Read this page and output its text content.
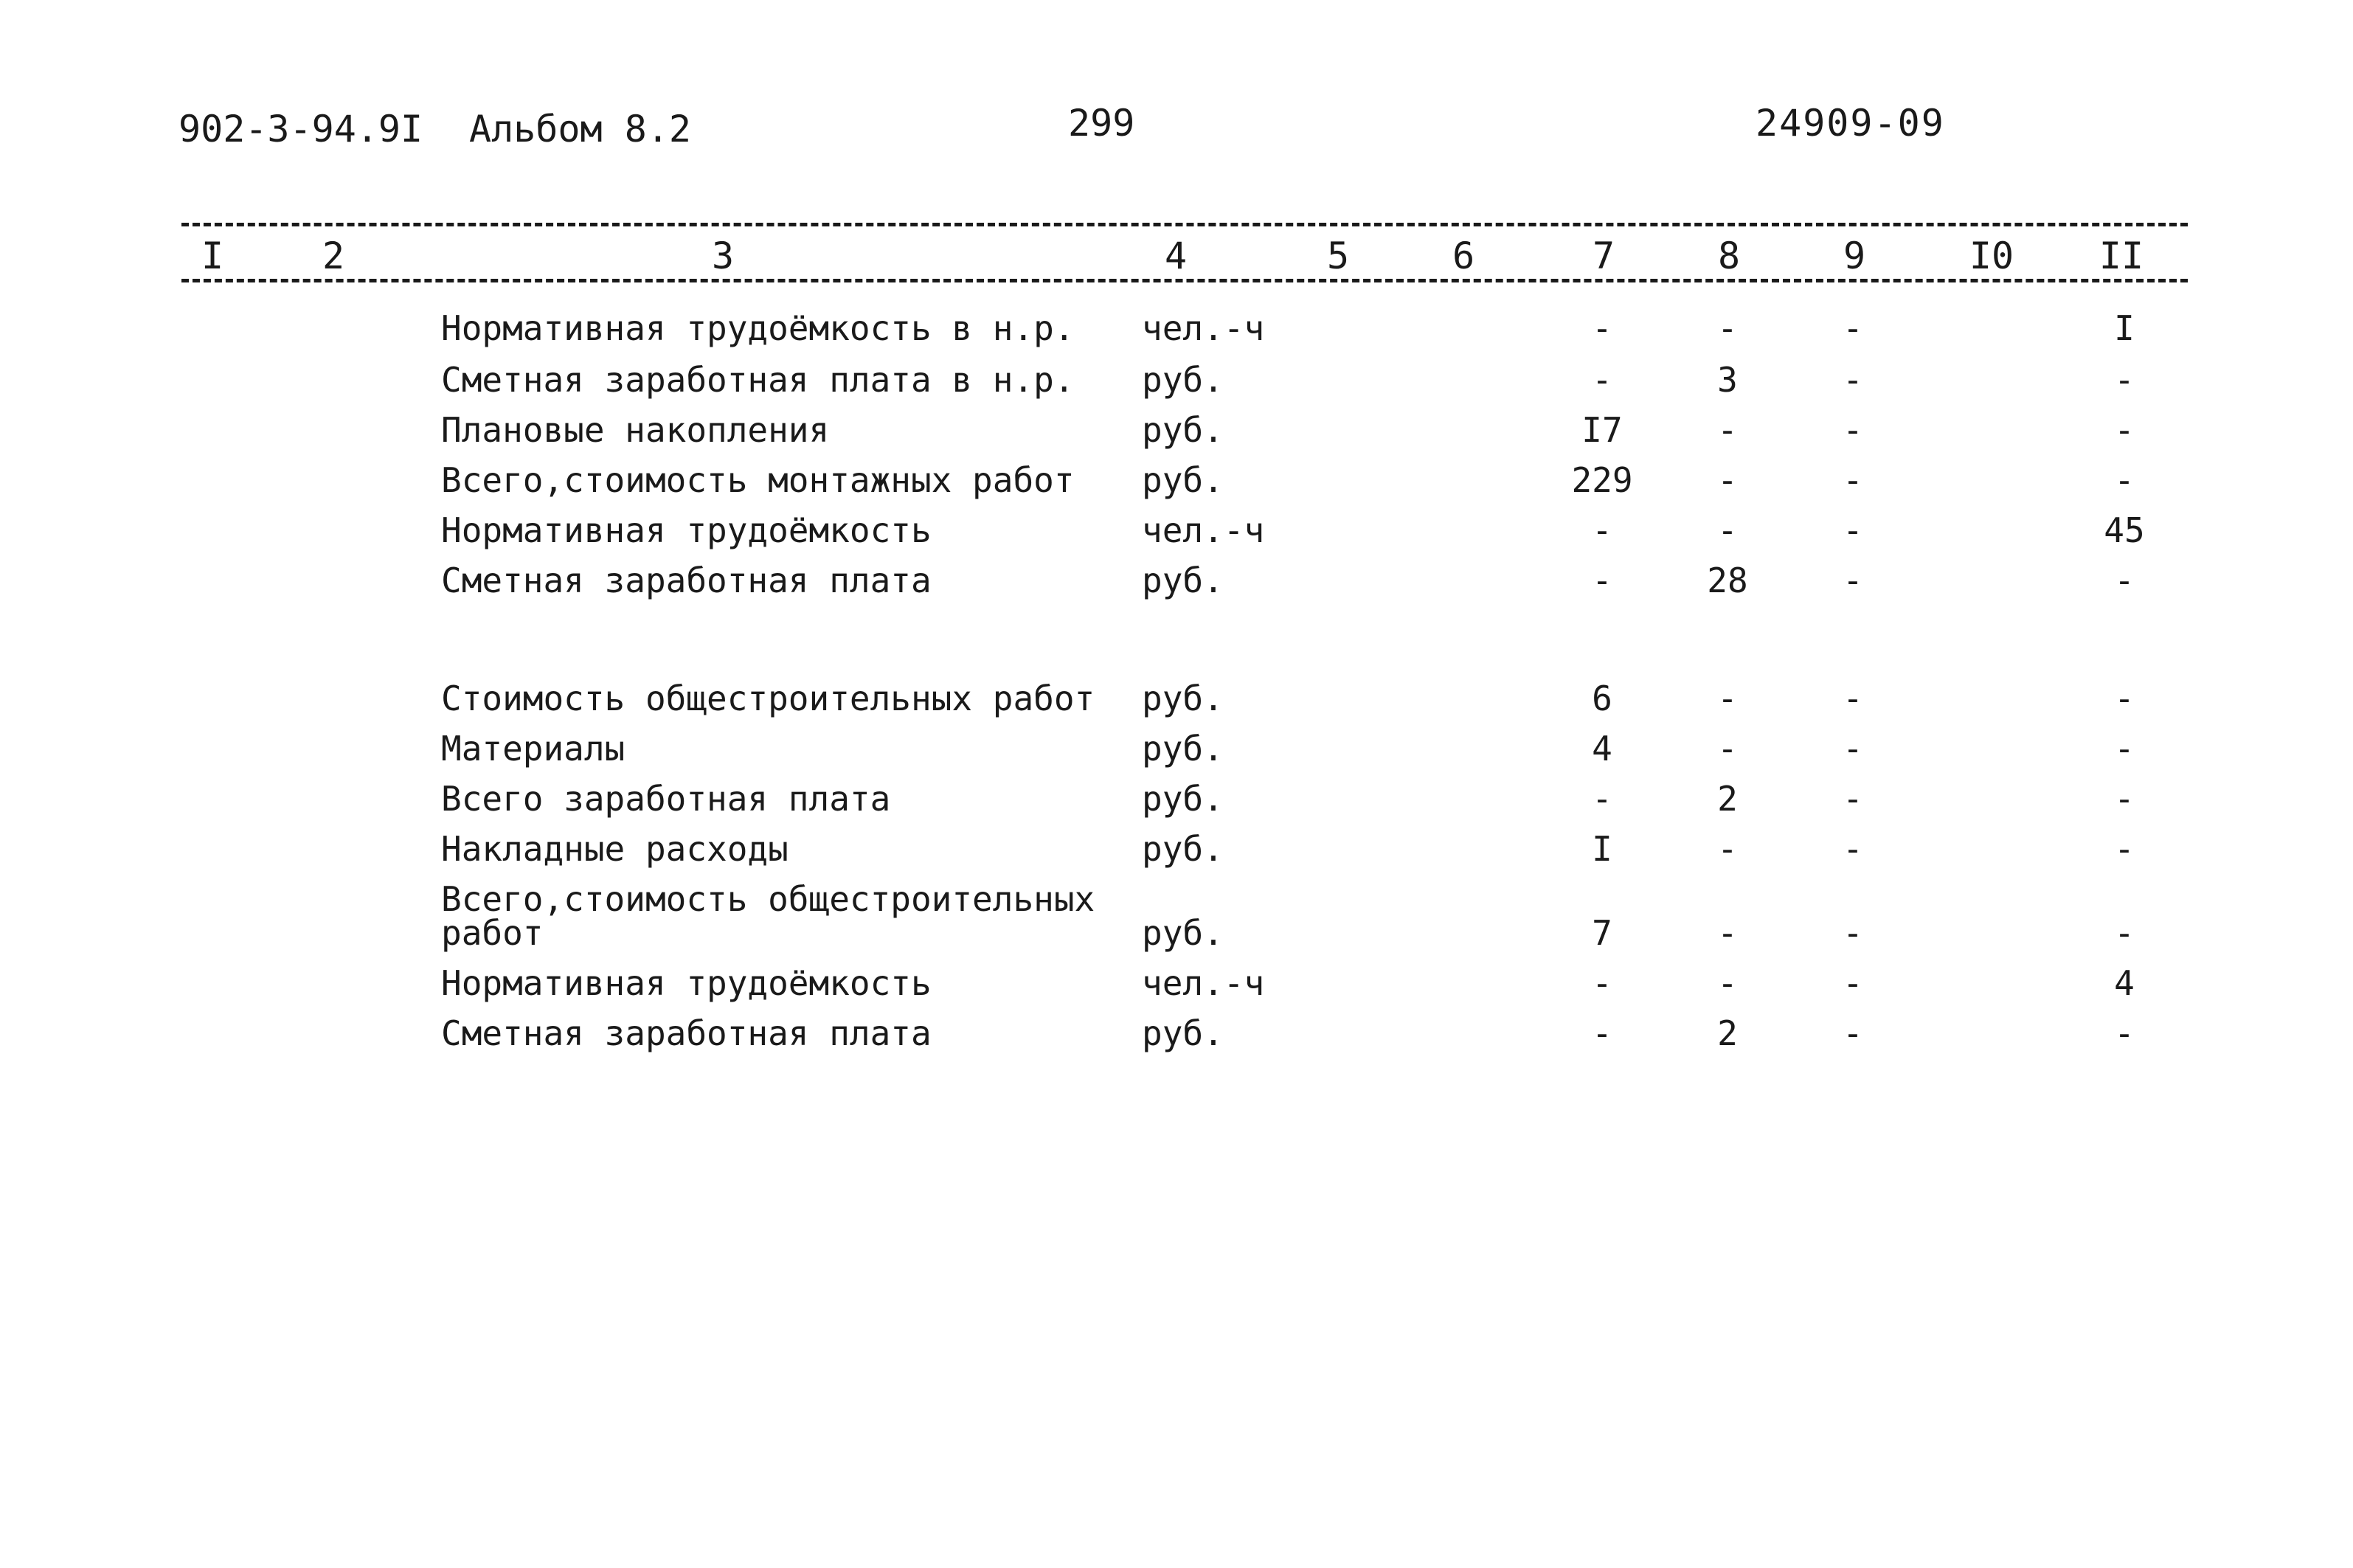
902-3-94.9I Альбом 8.2	299	24909-09
I	2	3	4	5	6	7	8	9	I0 II
Нормативная трудоёмкость в н.р. чел.-ч	-	-	-	I
Сметная заработная плата в н.р. руб.	-	3	-	-
Плановые накопления	руб.	I7	-	-	-
Всего,стоимость монтажных работ руб.	229 -	-	-
Нормативная трудоёмкость	чел.-ч	-	-	-	45
Сметная заработная плата	руб.	-	28	-	-
Стоимость общестроительных работ руб.	6	-	-	-
Материалы	руб.	4	-	-	-
Всего заработная плата	руб.	-	2	-	-
Накладные расходы	руб.	I	-	-	-
Всего,стоимость общестроительных
работ	руб.	7	-	-	-
Нормативная трудоёмкость	чел.-ч	-	-	-	4
Сметная заработная плата	руб.	-	2	-	-
